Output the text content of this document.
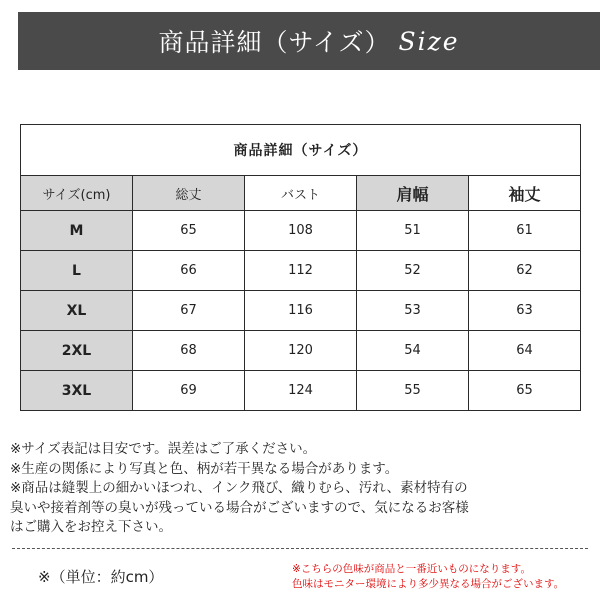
商品詳細（サイズ） Size
商品詳細（サイズ）				
サイズ(cm)	総丈	バスト	肩幅	袖丈
M	65	108	51	61
L	66	112	52	62
XL	67	116	53	63
2XL	68	120	54	64
3XL	69	124	55	65
※サイズ表記は目安です。誤差はご了承ください。
※生産の関係により写真と色、柄が若干異なる場合があります。
※商品は縫製上の細かいほつれ、インク飛び、織りむら、汚れ、素材特有の
臭いや接着剤等の臭いが残っている場合がございますので、気になるお客様
はご購入をお控え下さい。
※（単位：約cm）	※こちらの色味が商品と一番近いものになります。
色味はモニター環境により多少異なる場合がございます。
